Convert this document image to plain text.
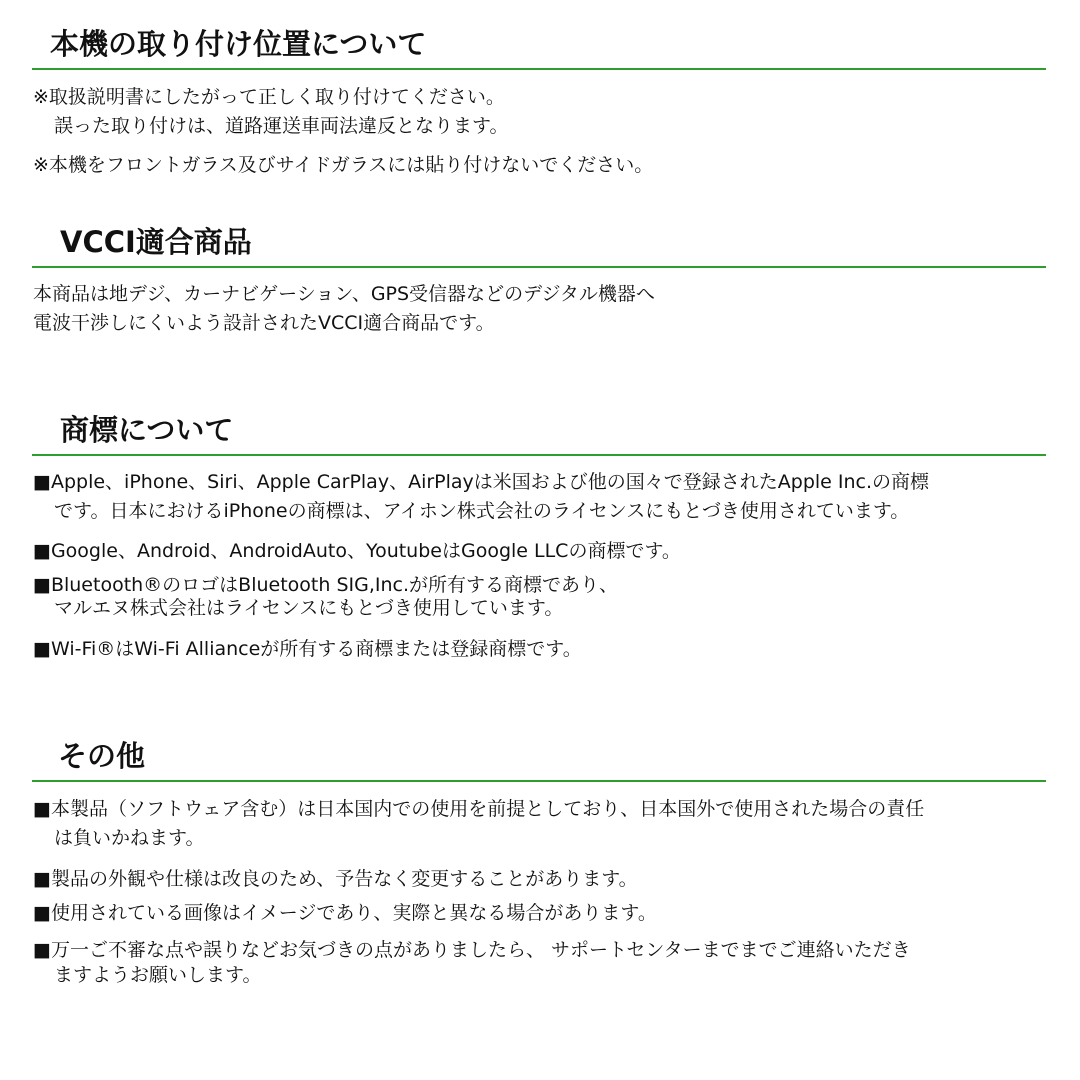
本機の取り付け位置について
※取扱説明書にしたがって正しく取り付けてください。
誤った取り付けは、道路運送車両法違反となります。
※本機をフロントガラス及びサイドガラスには貼り付けないでください。
VCCI適合商品
本商品は地デジ、カーナビゲーション、GPS受信器などのデジタル機器へ
電波干渉しにくいよう設計されたVCCI適合商品です。
商標について
■Apple、iPhone、Siri、Apple CarPlay、AirPlayは米国および他の国々で登録されたApple Inc.の商標
です。日本におけるiPhoneの商標は、アイホン株式会社のライセンスにもとづき使用されています。
■Google、Android、AndroidAuto、YoutubeはGoogle LLCの商標です。
■Bluetooth®のロゴはBluetooth SIG,Inc.が所有する商標であり、
マルエヌ株式会社はライセンスにもとづき使用しています。
■Wi-Fi®はWi-Fi Allianceが所有する商標または登録商標です。
その他
■本製品（ソフトウェア含む）は日本国内での使用を前提としており、日本国外で使用された場合の責任
は負いかねます。
■製品の外観や仕様は改良のため、予告なく変更することがあります。
■使用されている画像はイメージであり、実際と異なる場合があります。
■万一ご不審な点や誤りなどお気づきの点がありましたら、 サポートセンターまでまでご連絡いただき
ますようお願いします。
